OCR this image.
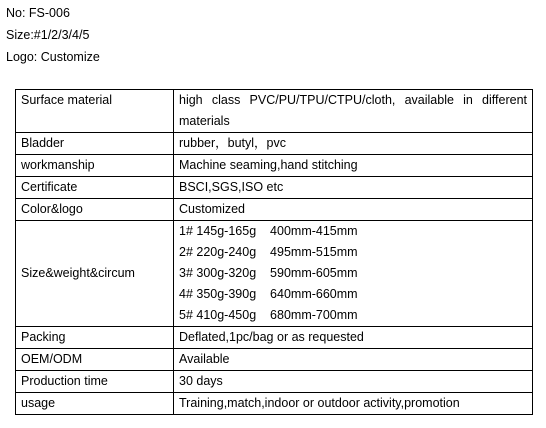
No: FS-006
Size:#1/2/3/4/5
Logo: Customize
Surface material	high class PVC/PU/TPU/CTPU/cloth, available in different materials
Bladder	rubber，butyl，pvc
workmanship	Machine seaming,hand stitching
Certificate	BSCI,SGS,ISO etc
Color&logo	Customized
Size&weight&circum	1# 145g-165g    400mm-415mm
2# 220g-240g    495mm-515mm
3# 300g-320g    590mm-605mm
4# 350g-390g    640mm-660mm
5# 410g-450g    680mm-700mm

Packing	Deflated,1pc/bag or as requested
OEM/ODM	Available
Production time	30 days
usage	Training,match,indoor or outdoor activity,promotion
